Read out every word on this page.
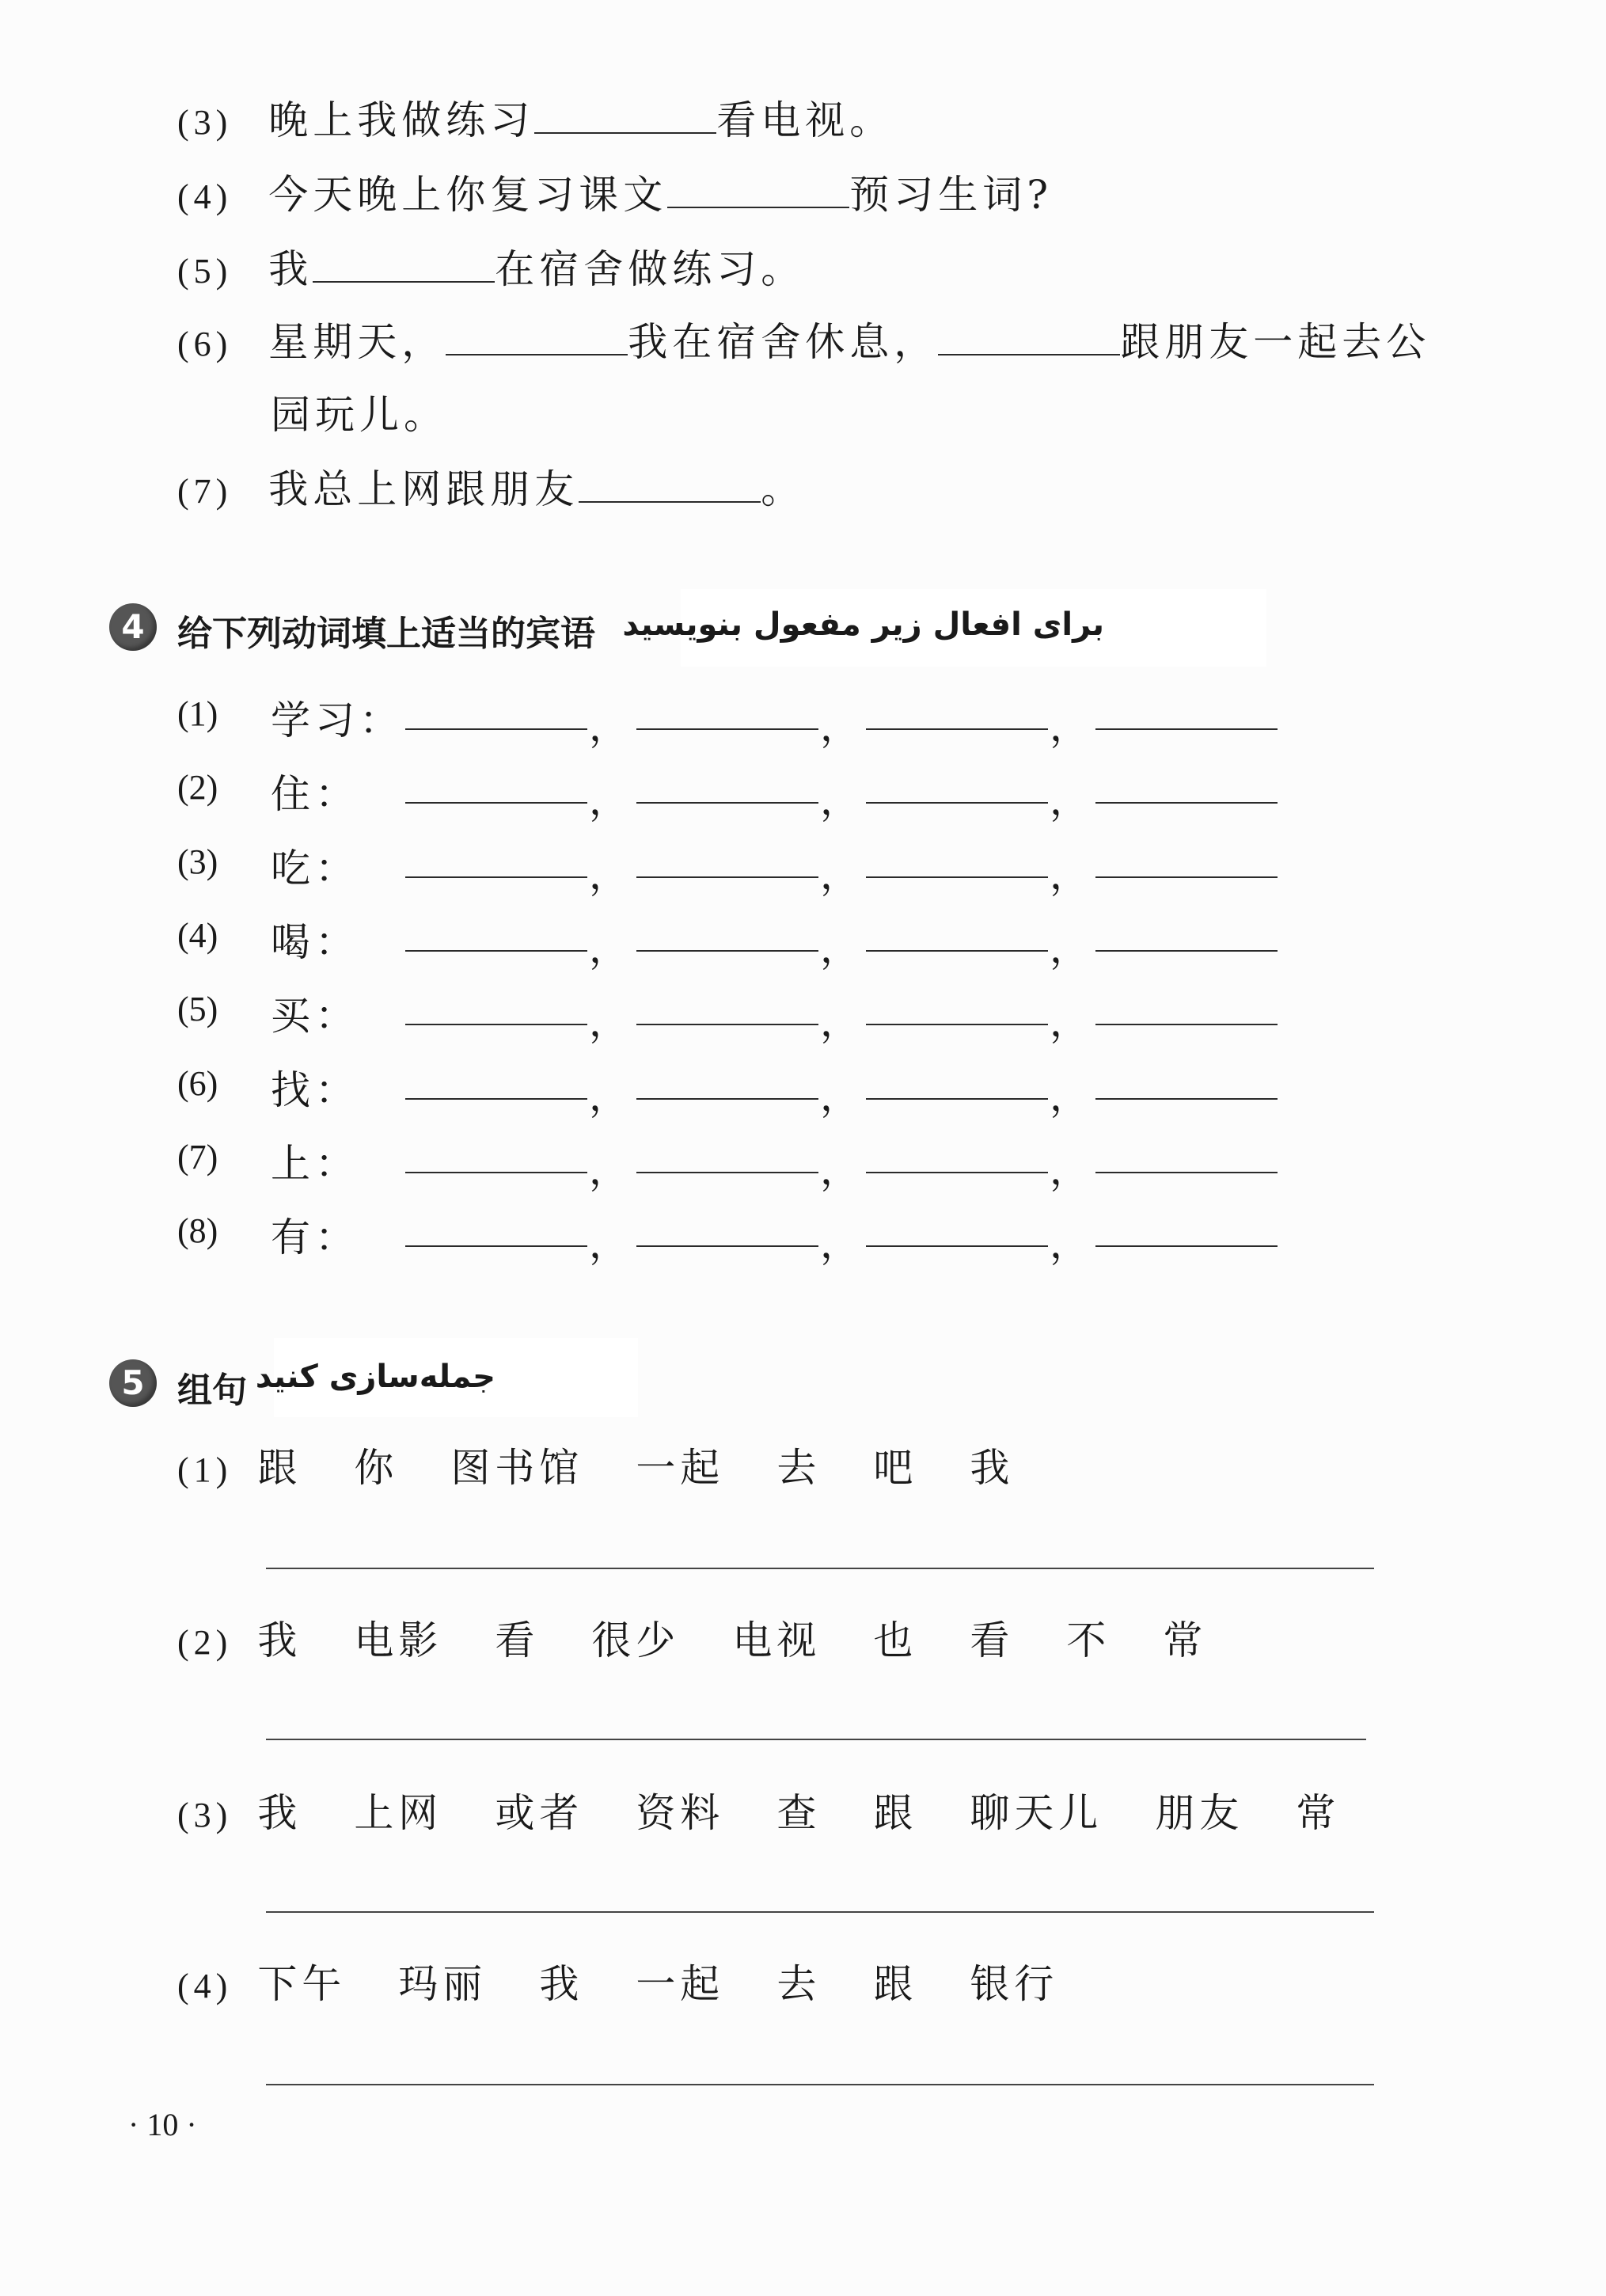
(3) 晚上我做练习	看电视。
(4) 今天晚上你复习课文	预习生词?
(5) 我	在宿舍做练习。
(6) 星期天，	我在宿舍休息，	跟朋友一起去公
园玩儿。
(7) 我总上网跟朋友	。
4 给下列动词填上适当的宾语 برای افعال زیر مفعول بنویسید
(1) 学习：	，	，	，
(2) 住：	，	，	，
(3) 吃：	，	，	，
(4) 喝：	，	，	，
(5) 买：	，	，	，
(6) 找：	，	，	，
(7) 上：	，	，	，
(8) 有：	，	，	，
5 组句 جمله‌سازی کنید
(1) 跟 你 图书馆 一起 去 吧 我
(2) 我 电影 看 很少 电视 也 看 不 常
(3) 我 上网 或者 资料 查 跟 聊天儿 朋友 常
(4) 下午 玛丽 我 一起 去 跟 银行
· 10 ·
